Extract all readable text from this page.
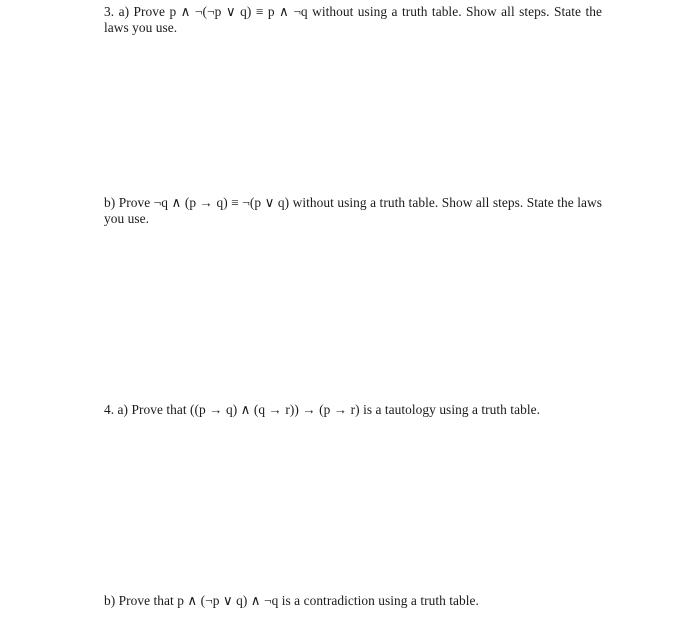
3. a) Prove p ∧ ¬(¬p ∨ q) ≡ p ∧ ¬q without using a truth table. Show all steps. State the laws you use.

b) Prove ¬q ∧ (p → q) ≡ ¬(p ∨ q) without using a truth table. Show all steps. State the laws you use.

4. a) Prove that ((p → q) ∧ (q → r)) → (p → r) is a tautology using a truth table.

b) Prove that p ∧ (¬p ∨ q) ∧ ¬q is a contradiction using a truth table.
